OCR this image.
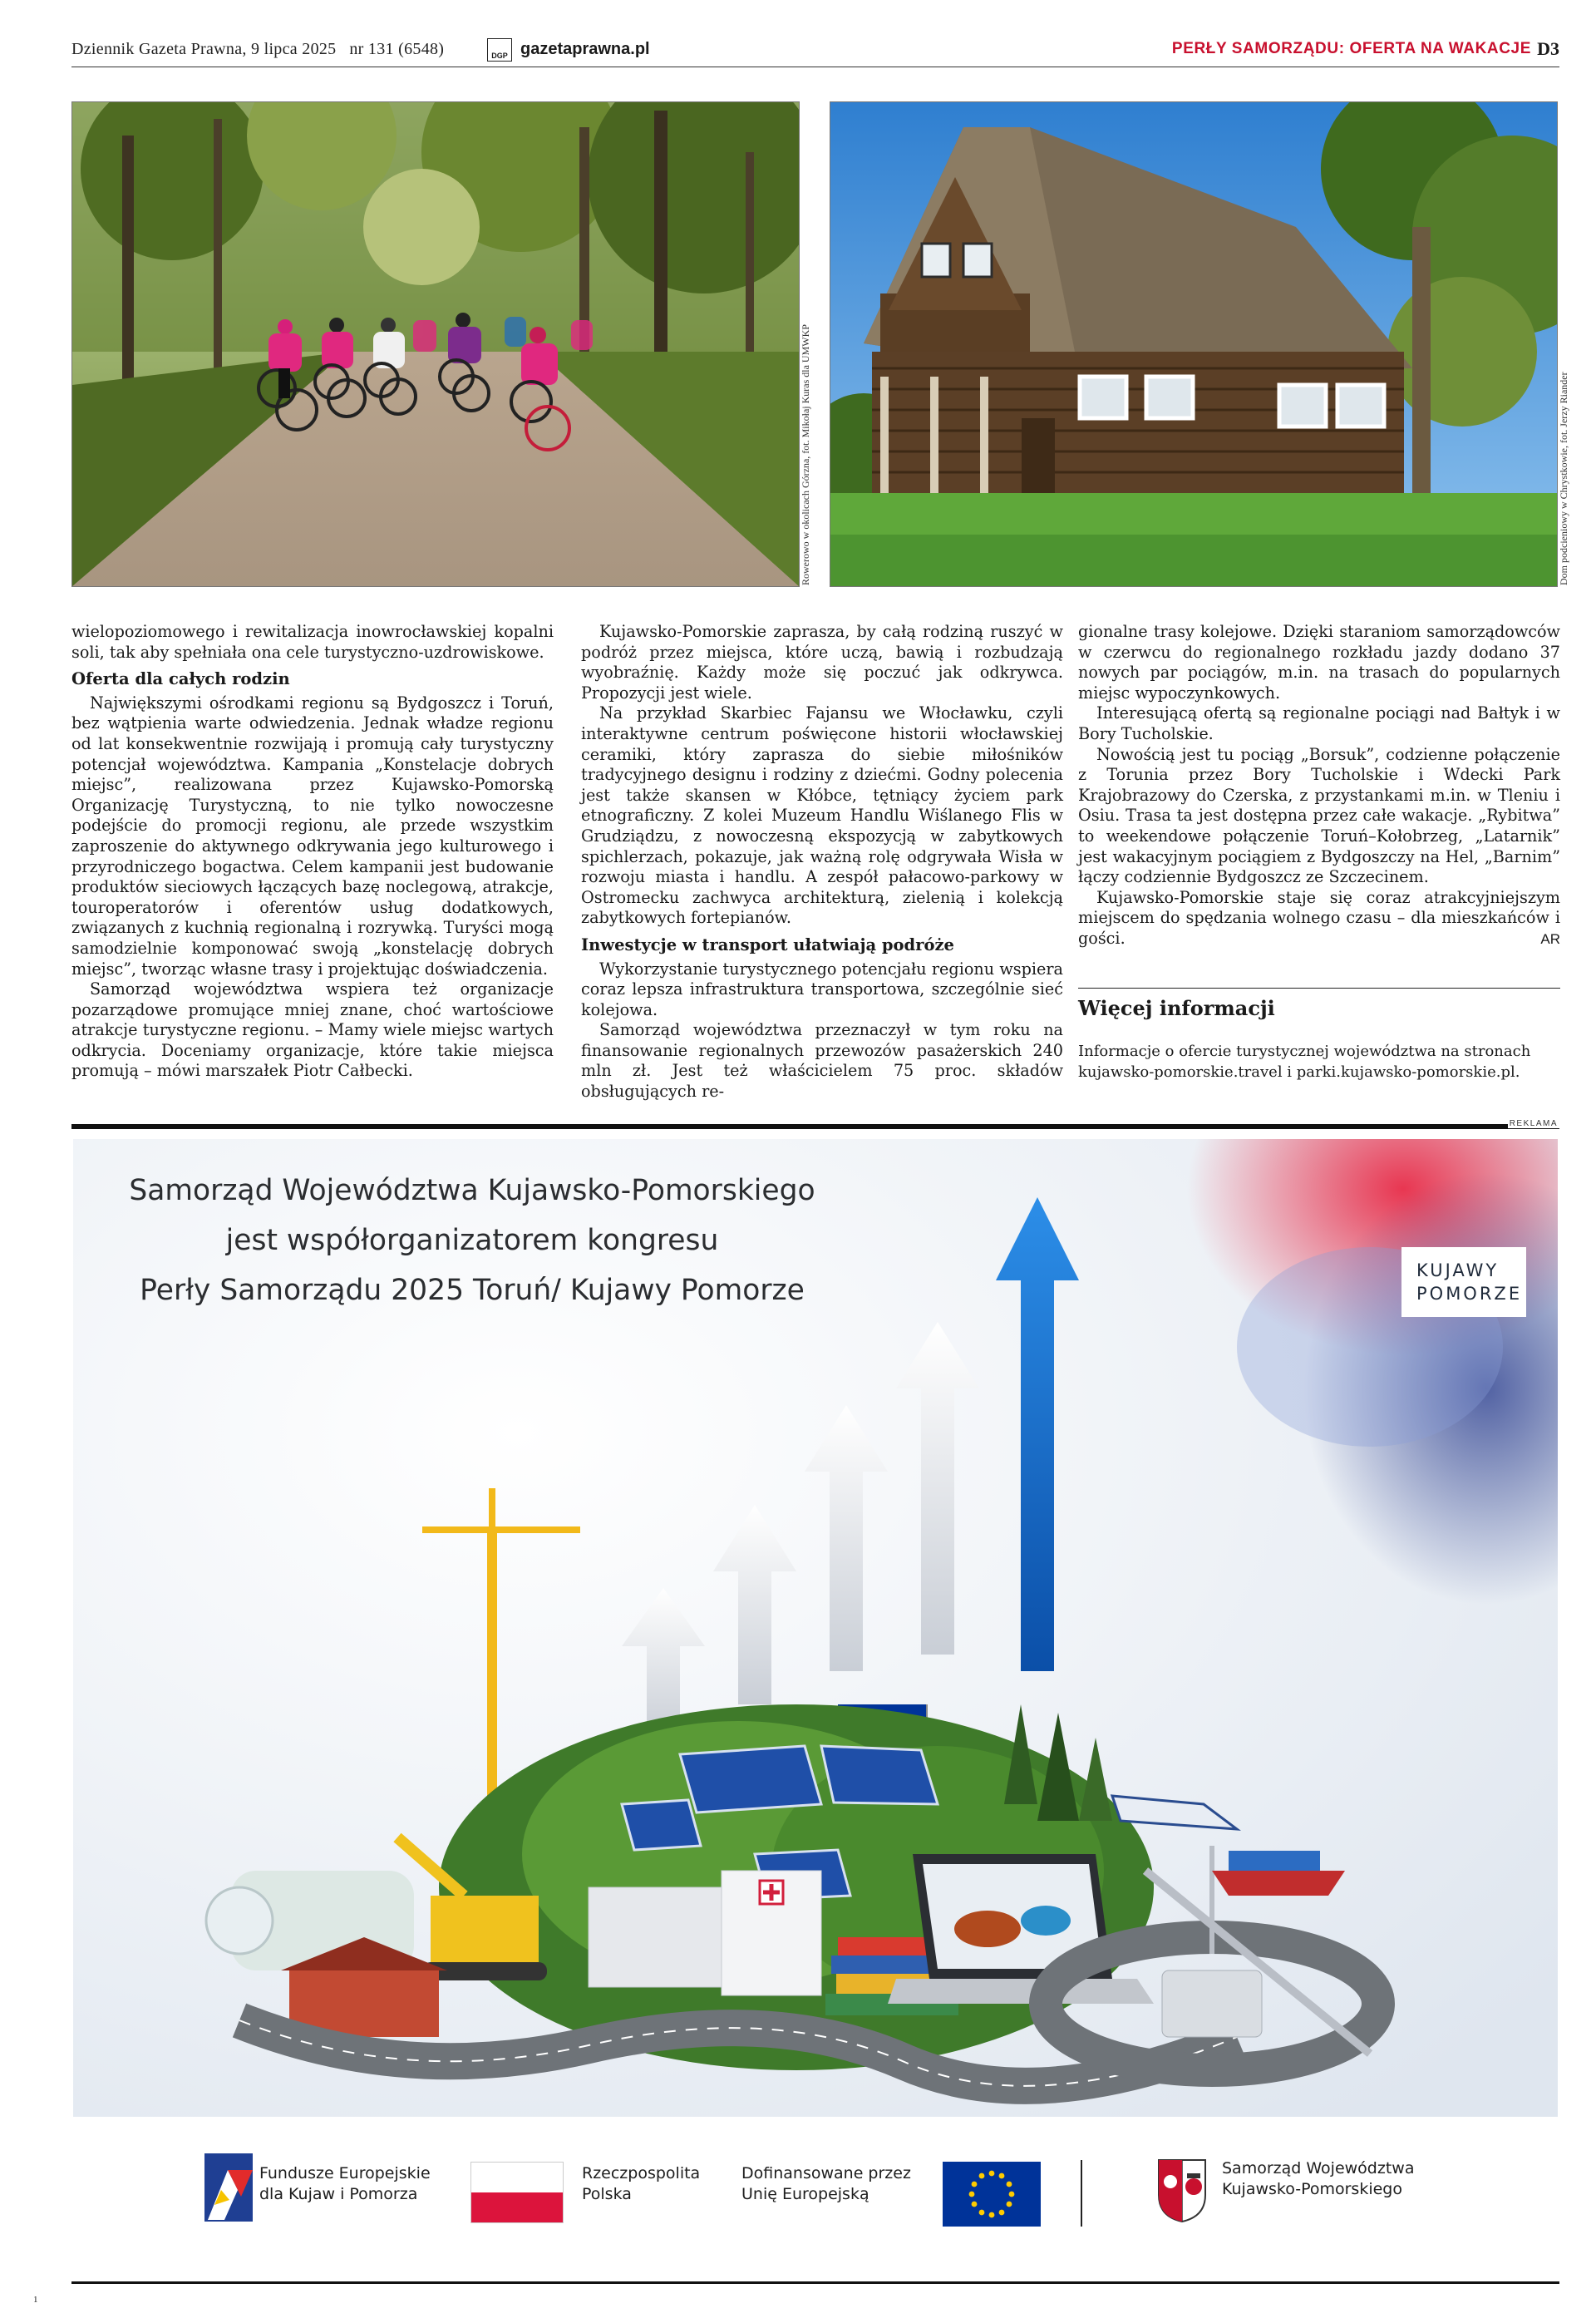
Dziennik Gazeta Prawna, 9 lipca 2025 nr 131 (6548)	DGP gazetaprawna.pl	PERŁY SAMORZĄDU: OFERTA NA WAKACJE D3
Rowerowo w okolicach Górzna, fot. Mikołaj Kuras dla UMWKP	Dom podcieniowy w Chrystkowie, fot. Jerzy Riander

wielopoziomowego i rewitalizacja inowrocławskiej kopalni soli, tak aby spełniała ona cele turystyczno-uzdrowiskowe.

Oferta dla całych rodzin

Największymi ośrodkami regionu są Bydgoszcz i Toruń, bez wątpienia warte odwiedzenia. Jednak władze regionu od lat konsekwentnie rozwijają i promują cały turystyczny potencjał województwa. Kampania „Konstelacje dobrych miejsc”, realizowana przez Kujawsko-Pomorską Organizację Turystyczną, to nie tylko nowoczesne podejście do promocji regionu, ale przede wszystkim zaproszenie do aktywnego odkrywania jego kulturowego i przyrodniczego bogactwa. Celem kampanii jest budowanie produktów sieciowych łączących bazę noclegową, atrakcje, touroperatorów i oferentów usług dodatkowych, związanych z kuchnią regionalną i rozrywką. Turyści mogą samodzielnie komponować swoją „konstelację dobrych miejsc”, tworząc własne trasy i projektując doświadczenia.

Samorząd województwa wspiera też organizacje pozarządowe promujące mniej znane, choć wartościowe atrakcje turystyczne regionu. – Mamy wiele miejsc wartych odkrycia. Doceniamy organizacje, które takie miejsca promują – mówi marszałek Piotr Całbecki.

Kujawsko-Pomorskie zaprasza, by całą rodziną ruszyć w podróż przez miejsca, które uczą, bawią i rozbudzają wyobraźnię. Każdy może się poczuć jak odkrywca. Propozycji jest wiele.

Na przykład Skarbiec Fajansu we Włocławku, czyli interaktywne centrum poświęcone historii włocławskiej ceramiki, który zaprasza do siebie miłośników tradycyjnego designu i rodziny z dziećmi. Godny polecenia jest także skansen w Kłóbce, tętniący życiem park etnograficzny. Z kolei Muzeum Handlu Wiślanego Flis w Grudziądzu, z nowoczesną ekspozycją w zabytkowych spichlerzach, pokazuje, jak ważną rolę odgrywała Wisła w rozwoju miasta i handlu. A zespół pałacowo-parkowy w Ostromecku zachwyca architekturą, zielenią i kolekcją zabytkowych fortepianów.

Inwestycje w transport ułatwiają podróże

Wykorzystanie turystycznego potencjału regionu wspiera coraz lepsza infrastruktura transportowa, szczególnie sieć kolejowa.

Samorząd województwa przeznaczył w tym roku na finansowanie regionalnych przewozów pasażerskich 240 mln zł. Jest też właścicielem 75 proc. składów obsługujących re-

gionalne trasy kolejowe. Dzięki staraniom samorządowców w czerwcu do regionalnego rozkładu jazdy dodano 37 nowych par pociągów, m.in. na trasach do popularnych miejsc wypoczynkowych.

Interesującą ofertą są regionalne pociągi nad Bałtyk i w Bory Tucholskie.

Nowością jest tu pociąg „Borsuk”, codzienne połączenie z Torunia przez Bory Tucholskie i Wdecki Park Krajobrazowy do Czerska, z przystankami m.in. w Tleniu i Osiu. Trasa ta jest dostępna przez całe wakacje. „Rybitwa” to weekendowe połączenie Toruń–Kołobrzeg, „Latarnik” jest wakacyjnym pociągiem z Bydgoszczy na Hel, „Barnim” łączy codziennie Bydgoszcz ze Szczecinem.

Kujawsko-Pomorskie staje się coraz atrakcyjniejszym miejscem do spędzania wolnego czasu – dla mieszkańców i gości.	AR
Więcej informacji

Informacje o ofercie turystycznej województwa na stronach kujawsko-pomorskie.travel i parki.kujawsko-pomorskie.pl.

REKLAMA
Samorząd Województwa Kujawsko-Pomorskiego
jest współorganizatorem kongresu
Perły Samorządu 2025 Toruń/ Kujawy Pomorze
KUJAWY
POMORZE
Fundusze Europejskie
dla Kujaw i Pomorza
Rzeczpospolita
Polska
Dofinansowane przez
Unię Europejską
Samorząd Województwa
Kujawsko-Pomorskiego
1
